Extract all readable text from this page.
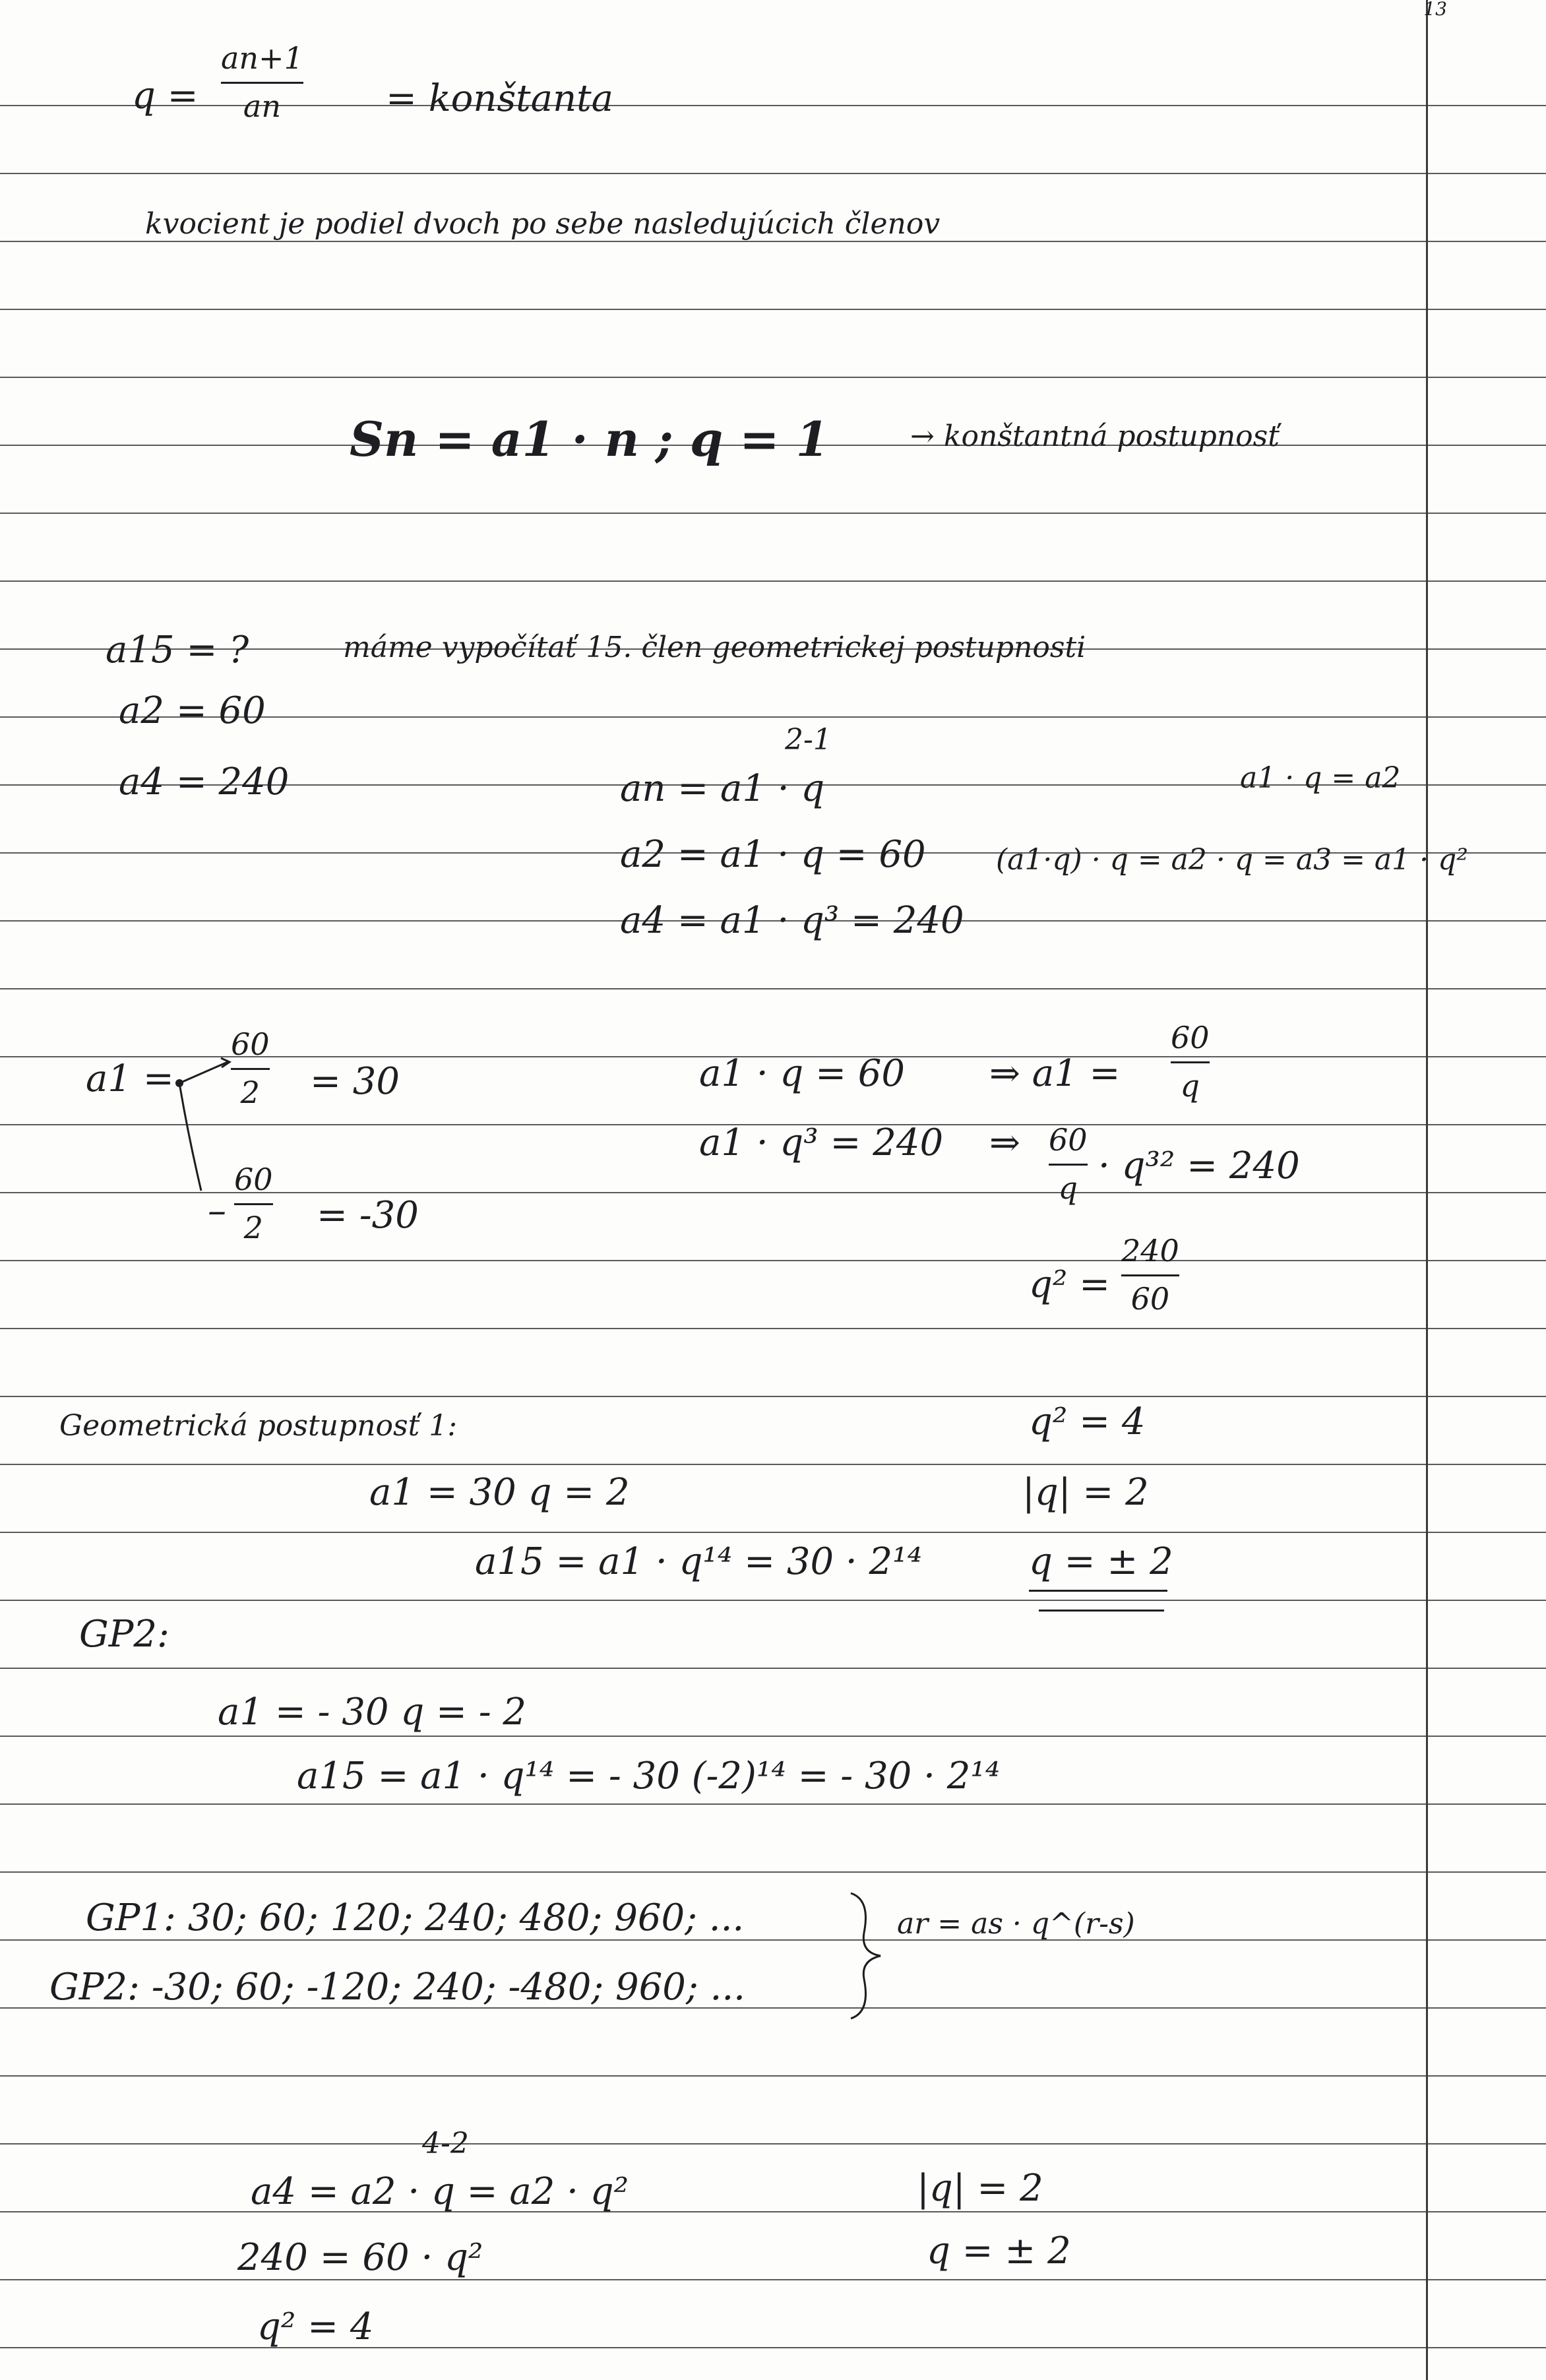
13
q =
an+1
an	= konštanta
kvocient je podiel dvoch po sebe nasledujúcich členov
Sn = a1 · n ; q = 1	→ konštantná postupnosť
a15 = ?	máme vypočítať 15. člen geometrickej postupnosti
a2 = 60
a4 = 240
2-1
an = a1 · q
a2 = a1 · q = 60
a4 = a1 · q³ = 240
a1 · q = a2
(a1·q) · q = a2 · q = a3 = a1 · q²
a1 =
60
2 = 30
–
60
2 = -30
a1 · q = 60 ⇒ a1 =
60
q
a1 · q³ = 240 ⇒ 60
q
· q³² = 240
q² =
240
60
Geometrická postupnosť 1:	q² = 4
a1 = 30 q = 2	|q| = 2
a15 = a1 · q¹⁴ = 30 · 2¹⁴	q = ± 2
GP2:
a1 = - 30 q = - 2
a15 = a1 · q¹⁴ = - 30 (-2)¹⁴ = - 30 · 2¹⁴
GP1: 30; 60; 120; 240; 480; 960; ...
GP2: -30; 60; -120; 240; -480; 960; ...
ar = as · q^(r-s)
4-2
a4 = a2 · q = a2 · q²	|q| = 2
240 = 60 · q²	q = ± 2
q² = 4
